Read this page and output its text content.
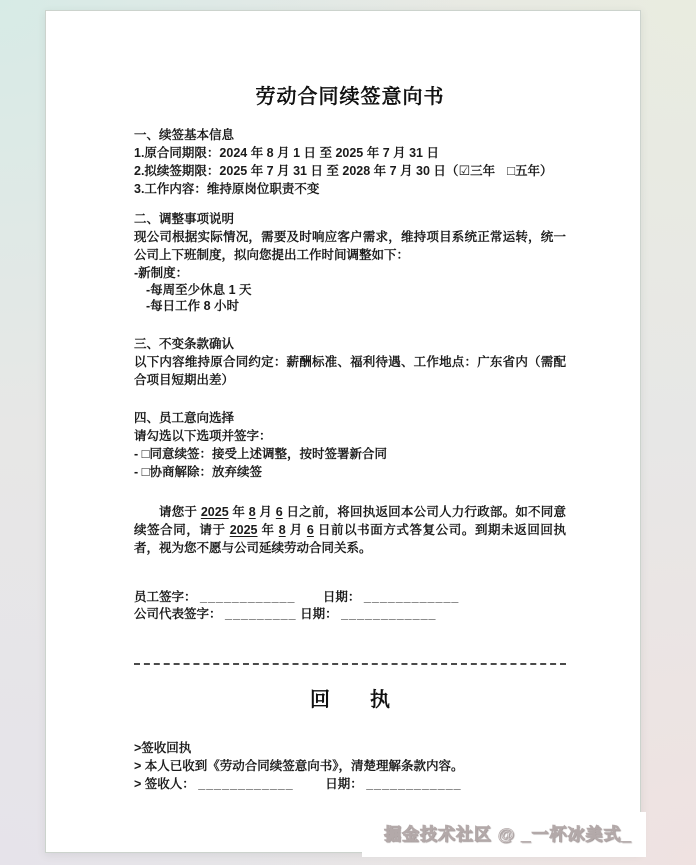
劳动合同续签意向书
一、续签基本信息
1.原合同期限：2024 年 8 月 1 日 至 2025 年 7 月 31 日
2.拟续签期限：2025 年 7 月 31 日 至 2028 年 7 月 30 日（☑三年 □五年）
3.工作内容：维持原岗位职责不变
二、调整事项说明
现公司根据实际情况，需要及时响应客户需求，维持项目系统正常运转，统一公司上下班制度，拟向您提出工作时间调整如下：
-新制度：
-每周至少休息 1 天
-每日工作 8 小时
三、不变条款确认
以下内容维持原合同约定：薪酬标准、福利待遇、工作地点：广东省内（需配合项目短期出差）
四、员工意向选择
请勾选以下选项并签字：
- □同意续签：接受上述调整，按时签署新合同
- □协商解除：放弃续签
请您于 2025 年 8 月 6 日之前，将回执返回本公司人力行政部。如不同意续签合同，请于 2025 年 8 月 6 日前以书面方式答复公司。到期未返回回执者，视为您不愿与公司延续劳动合同关系。
员工签字： ____________ 日期： ____________
公司代表签字： _________ 日期： ____________
回　　执
>签收回执
> 本人已收到《劳动合同续签意向书》，清楚理解条款内容。
> 签收人： ____________	日期： ____________
掘金技术社区 @ _一杯冰美式_
